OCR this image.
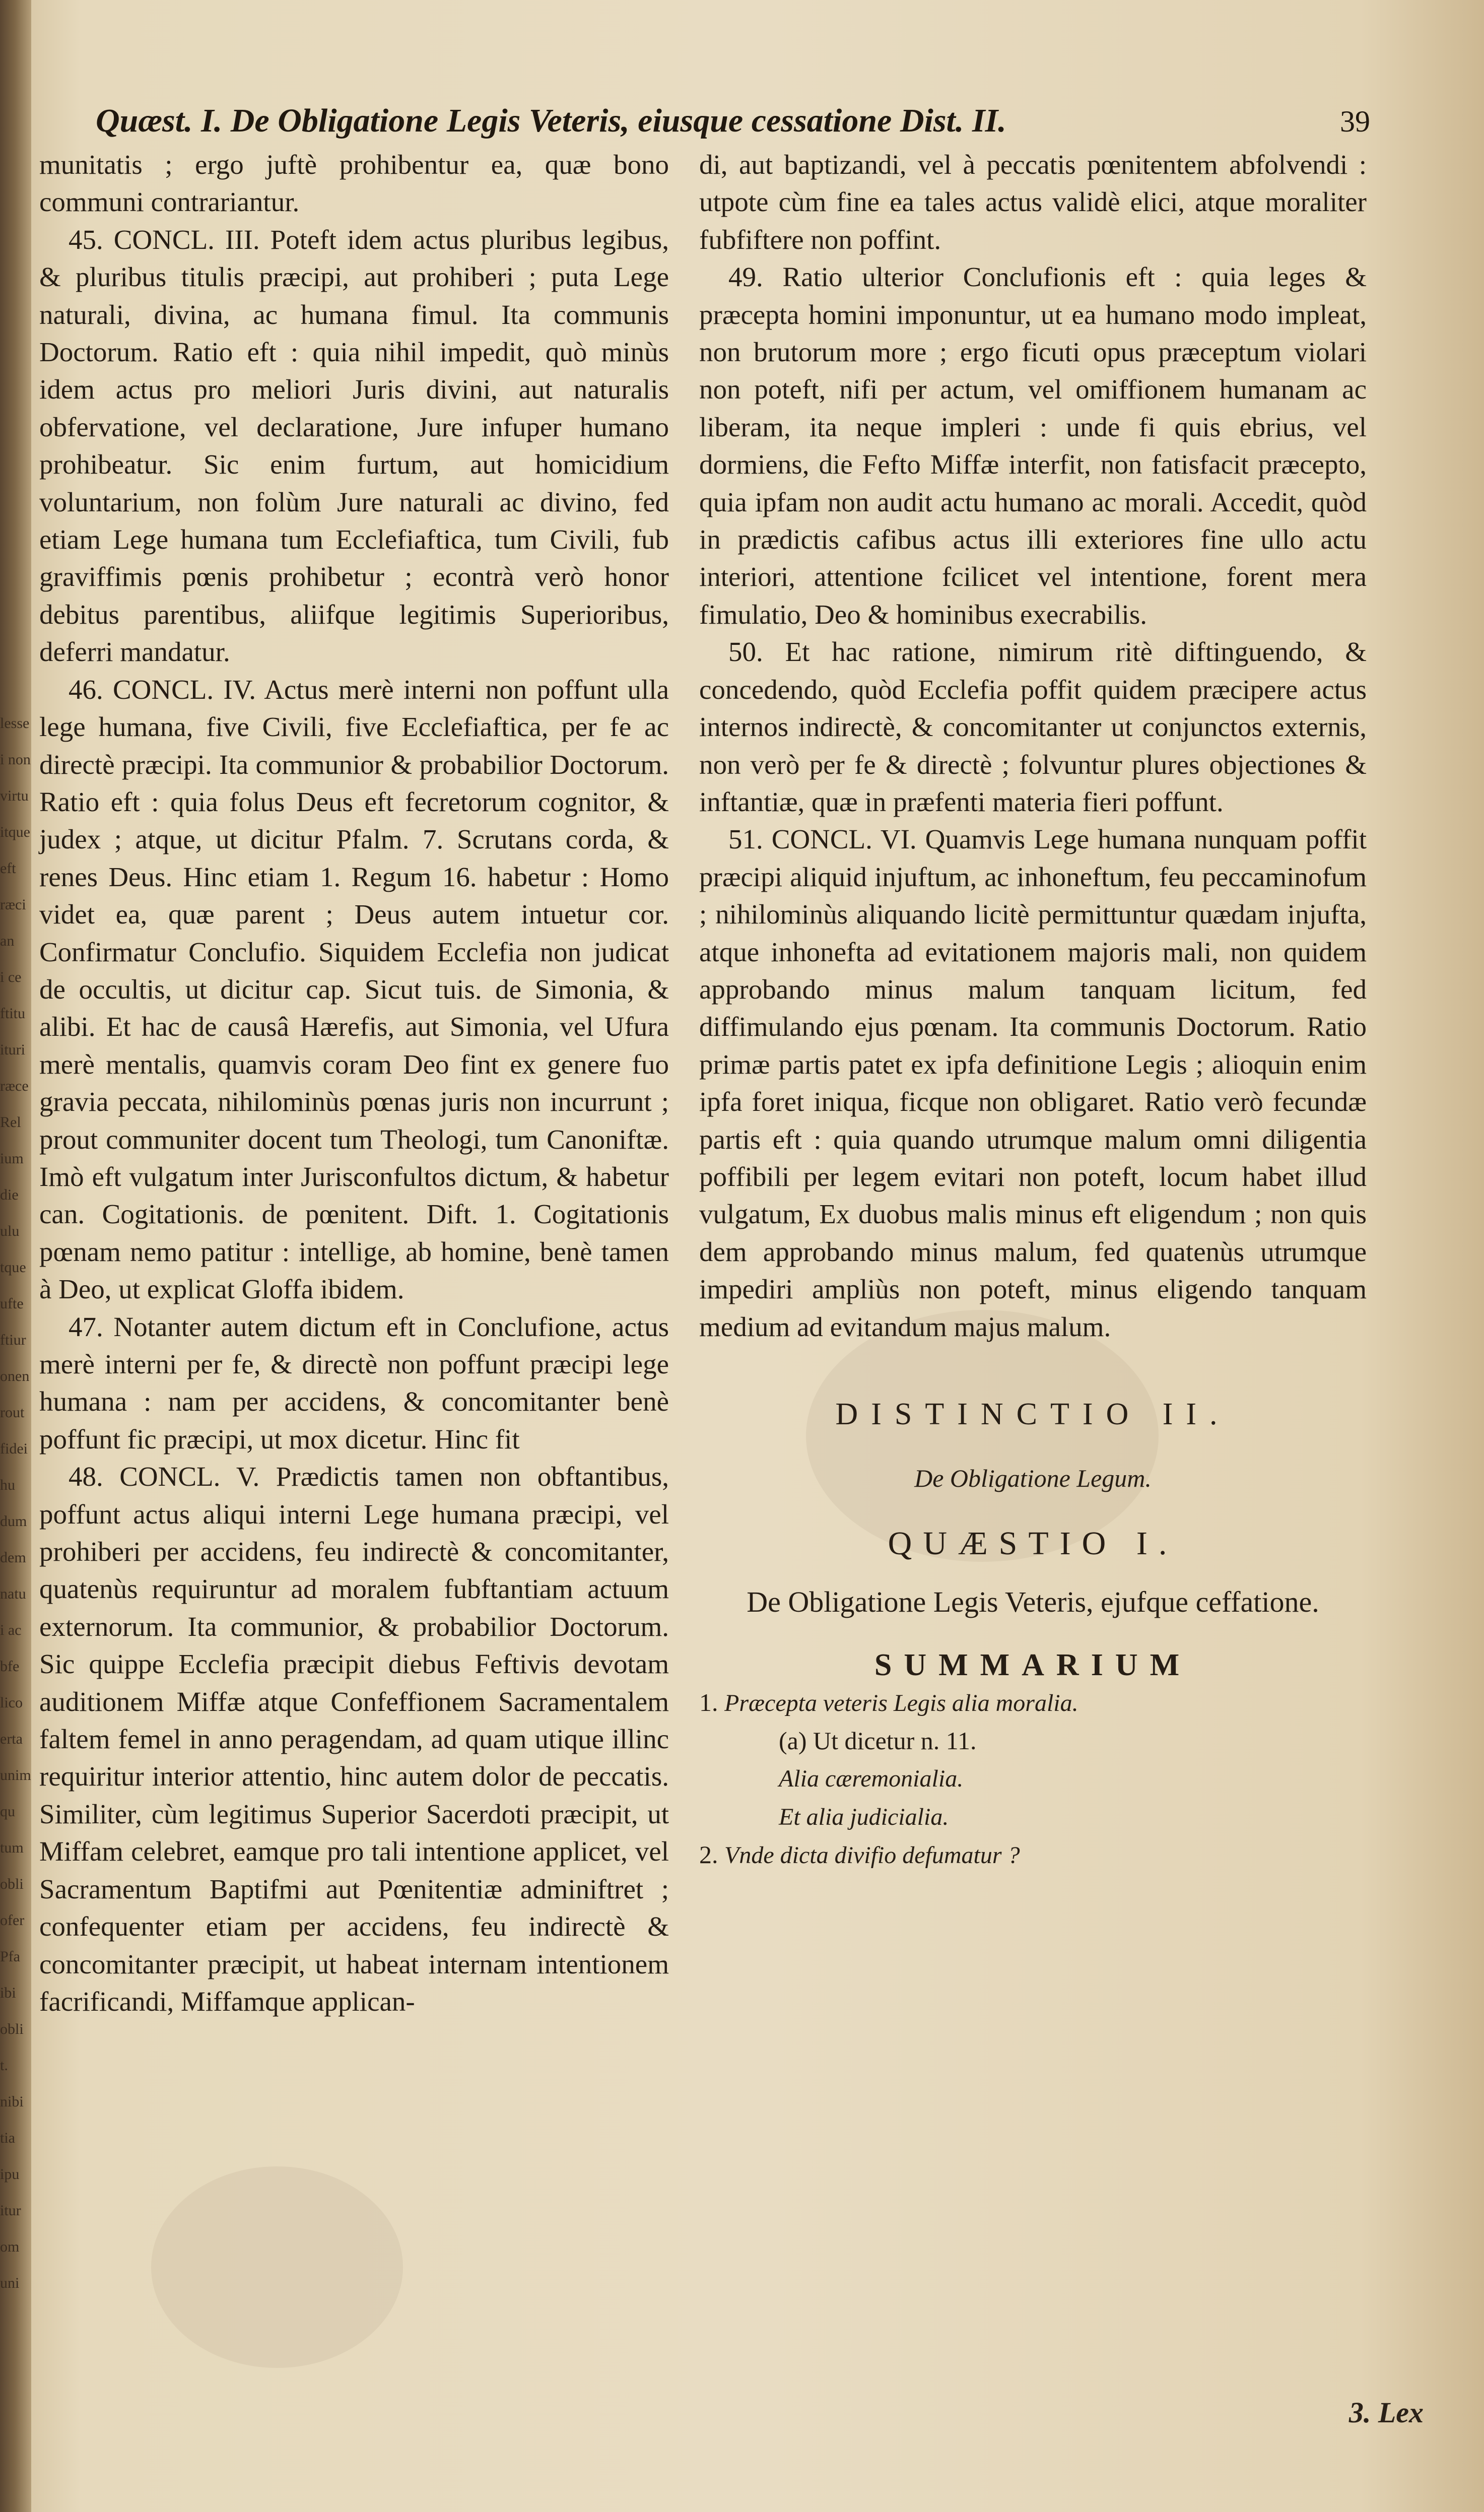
lesse
i non
virtu
itque
eft
ræci
an
i ce
ftitu
ituri
ræce
Rel
ium
die
ulu
tque
ufte
ftiur
onen
rout
fidei
hu
dum
dem
natu
i ac
bfe
lico
erta
unim
qu
tum
obli
ofer
Pfa
ibi
obli
t.
nibi
tia
ipu
itur
om
uni
Quæst. I. De Obligatione Legis Veteris, eiusque cessatione Dist. II.	39

munitatis ; ergo juftè prohibentur ea, quæ bono communi contrariantur.

45. CONCL. III. Poteft idem actus pluribus legibus, & pluribus titulis præcipi, aut prohiberi ; puta Lege naturali, divina, ac humana fimul. Ita communis Doctorum. Ratio eft : quia nihil impedit, quò minùs idem actus pro meliori Juris divini, aut naturalis obfervatione, vel declaratione, Jure infuper humano prohibeatur. Sic enim furtum, aut homicidium voluntarium, non folùm Jure naturali ac divino, fed etiam Lege humana tum Ecclefiaftica, tum Civili, fub graviffimis pœnis prohibetur ; econtrà verò honor debitus parentibus, aliifque legitimis Superioribus, deferri mandatur.

46. CONCL. IV. Actus merè interni non poffunt ulla lege humana, five Civili, five Ecclefiaftica, per fe ac directè præcipi. Ita communior & probabilior Doctorum. Ratio eft : quia folus Deus eft fecretorum cognitor, & judex ; atque, ut dicitur Pfalm. 7. Scrutans corda, & renes Deus. Hinc etiam 1. Regum 16. habetur : Homo videt ea, quæ parent ; Deus autem intuetur cor. Confirmatur Conclufio. Siquidem Ecclefia non judicat de occultis, ut dicitur cap. Sicut tuis. de Simonia, & alibi. Et hac de causâ Hærefis, aut Simonia, vel Ufura merè mentalis, quamvis coram Deo fint ex genere fuo gravia peccata, nihilominùs pœnas juris non incurrunt ; prout communiter docent tum Theologi, tum Canoniftæ. Imò eft vulgatum inter Jurisconfultos dictum, & habetur can. Cogitationis. de pœnitent. Dift. 1. Cogitationis pœnam nemo patitur : intellige, ab homine, benè tamen à Deo, ut explicat Gloffa ibidem.

47. Notanter autem dictum eft in Conclufione, actus merè interni per fe, & directè non poffunt præcipi lege humana : nam per accidens, & concomitanter benè poffunt fic præcipi, ut mox dicetur. Hinc fit

48. CONCL. V. Prædictis tamen non obftantibus, poffunt actus aliqui interni Lege humana præcipi, vel prohiberi per accidens, feu indirectè & concomitanter, quatenùs requiruntur ad moralem fubftantiam actuum externorum. Ita communior, & probabilior Doctorum. Sic quippe Ecclefia præcipit diebus Feftivis devotam auditionem Miffæ atque Confeffionem Sacramentalem faltem femel in anno peragendam, ad quam utique illinc requiritur interior attentio, hinc autem dolor de peccatis. Similiter, cùm legitimus Superior Sacerdoti præcipit, ut Miffam celebret, eamque pro tali intentione applicet, vel Sacramentum Baptifmi aut Pœnitentiæ adminiftret ; confequenter etiam per accidens, feu indirectè & concomitanter præcipit, ut habeat internam intentionem facrificandi, Miffamque applican-

di, aut baptizandi, vel à peccatis pœnitentem abfolvendi : utpote cùm fine ea tales actus validè elici, atque moraliter fubfiftere non poffint.

49. Ratio ulterior Conclufionis eft : quia leges & præcepta homini imponuntur, ut ea humano modo impleat, non brutorum more ; ergo ficuti opus præceptum violari non poteft, nifi per actum, vel omiffionem humanam ac liberam, ita neque impleri : unde fi quis ebrius, vel dormiens, die Fefto Miffæ interfit, non fatisfacit præcepto, quia ipfam non audit actu humano ac morali. Accedit, quòd in prædictis cafibus actus illi exteriores fine ullo actu interiori, attentione fcilicet vel intentione, forent mera fimulatio, Deo & hominibus execrabilis.

50. Et hac ratione, nimirum ritè diftinguendo, & concedendo, quòd Ecclefia poffit quidem præcipere actus internos indirectè, & concomitanter ut conjunctos externis, non verò per fe & directè ; folvuntur plures objectiones & inftantiæ, quæ in præfenti materia fieri poffunt.

51. CONCL. VI. Quamvis Lege humana nunquam poffit præcipi aliquid injuftum, ac inhoneftum, feu peccaminofum ; nihilominùs aliquando licitè permittuntur quædam injufta, atque inhonefta ad evitationem majoris mali, non quidem approbando minus malum tanquam licitum, fed diffimulando ejus pœnam. Ita communis Doctorum. Ratio primæ partis patet ex ipfa definitione Legis ; alioquin enim ipfa foret iniqua, ficque non obligaret. Ratio verò fecundæ partis eft : quia quando utrumque malum omni diligentia poffibili per legem evitari non poteft, locum habet illud vulgatum, Ex duobus malis minus eft eligendum ; non quis dem approbando minus malum, fed quatenùs utrumque impediri ampliùs non poteft, minus eligendo tanquam medium ad evitandum majus malum.

DISTINCTIO II.
De Obligatione Legum.
QUÆSTIO I.
De Obligatione Legis Veteris, ejufque ceffatione.
SUMMARIUM
1. Præcepta veteris Legis alia moralia.
(a) Ut dicetur n. 11.
Alia cæremonialia.
Et alia judicialia.
2. Vnde dicta divifio defumatur ?
3. Lex
